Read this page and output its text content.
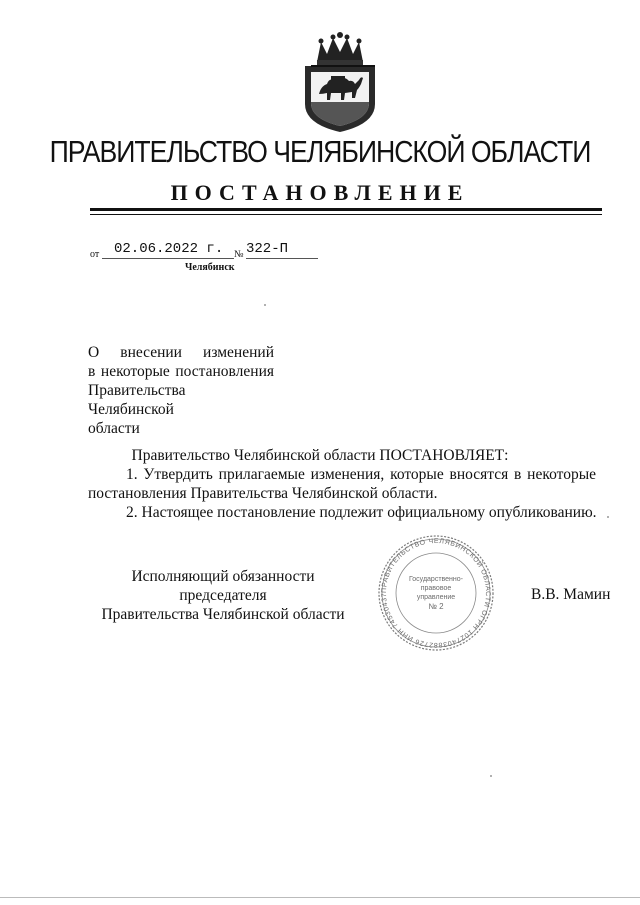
ПРАВИТЕЛЬСТВО ЧЕЛЯБИНСКОЙ ОБЛАСТИ
ПОСТАНОВЛЕНИЕ
от 02.06.2022 г. № 322-П
Челябинск
О внесении изменений
в некоторые постановления
Правительства Челябинской
области
Правительство Челябинской области ПОСТАНОВЛЯЕТ:
1. Утвердить прилагаемые изменения, которые вносятся в некоторые
постановления Правительства Челябинской области.
2. Настоящее постановление подлежит официальному опубликованию.
Исполняющий обязанности председателя
Правительства Челябинской области
ПРАВИТЕЛЬСТВО ЧЕЛЯБИНСКОЙ ОБЛАСТИ ОГРН 1027403882726 ИНН 74530437
Государственно-
правовое
управление
№ 2
В.В. Мамин
